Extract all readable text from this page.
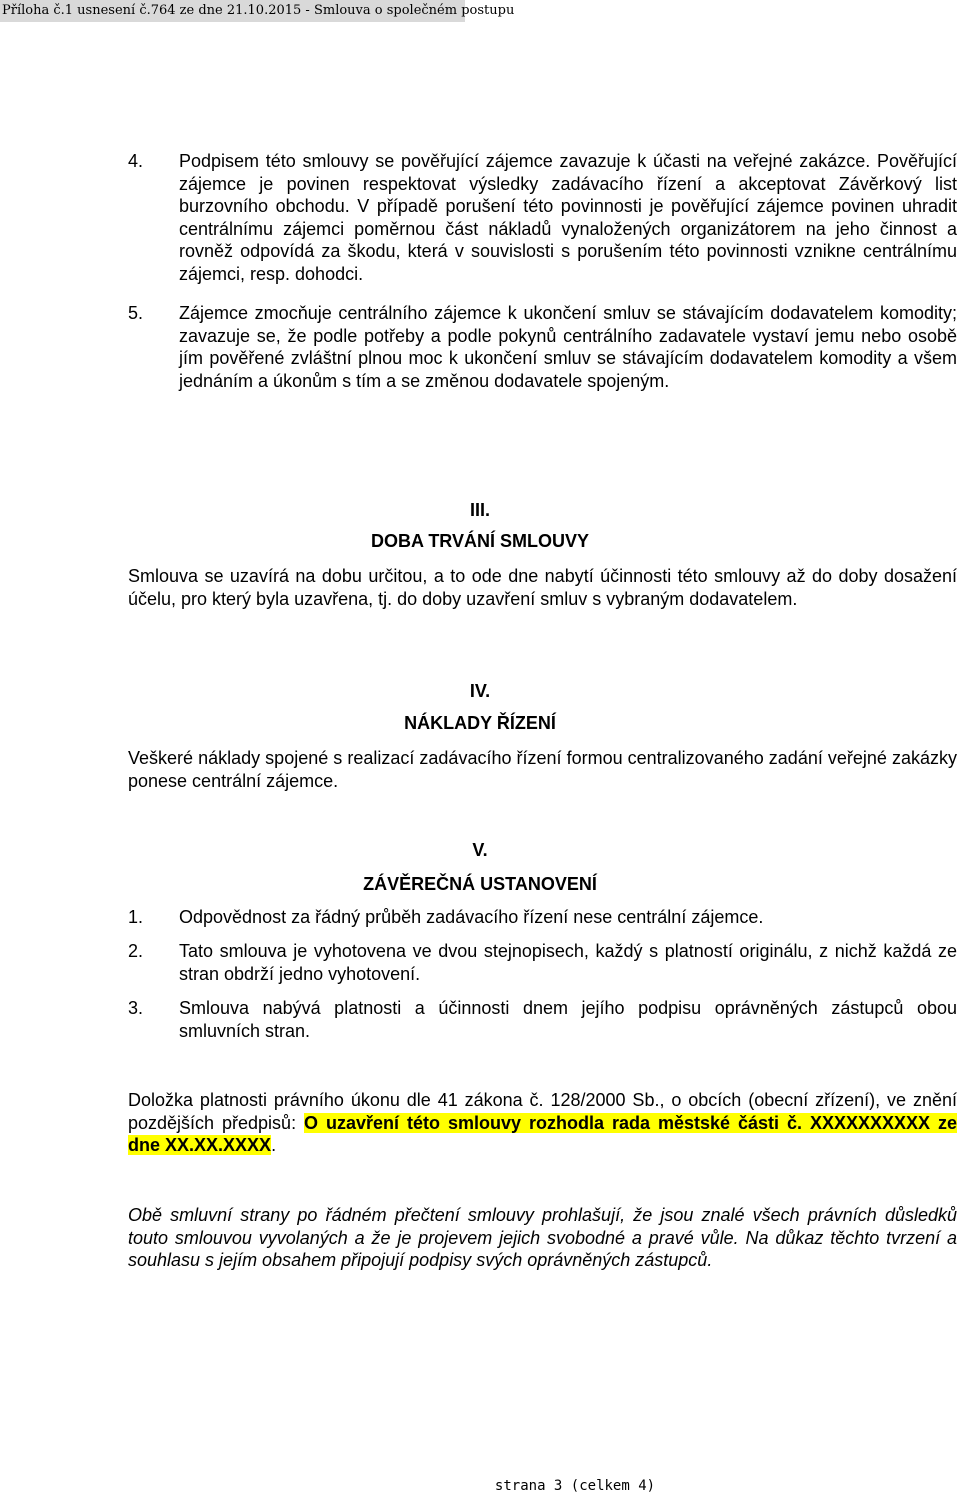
Příloha č.1 usnesení č.764 ze dne 21.10.2015 - Smlouva o společném postupu
4. Podpisem této smlouvy se pověřující zájemce zavazuje k účasti na veřejné zakázce. Pověřující zájemce je povinen respektovat výsledky zadávacího řízení a akceptovat Závěrkový list burzovního obchodu. V případě porušení této povinnosti je pověřující zájemce povinen uhradit centrálnímu zájemci poměrnou část nákladů vynaložených organizátorem na jeho činnost a rovněž odpovídá za škodu, která v souvislosti s porušením této povinnosti vznikne centrálnímu zájemci, resp. dohodci.
5. Zájemce zmocňuje centrálního zájemce k ukončení smluv se stávajícím dodavatelem komodity; zavazuje se, že podle potřeby a podle pokynů centrálního zadavatele vystaví jemu nebo osobě jím pověřené zvláštní plnou moc k ukončení smluv se stávajícím dodavatelem komodity a všem jednáním a úkonům s tím a se změnou dodavatele spojeným.
III.
DOBA TRVÁNÍ SMLOUVY
Smlouva se uzavírá na dobu určitou, a to ode dne nabytí účinnosti této smlouvy až do doby dosažení účelu, pro který byla uzavřena, tj. do doby uzavření smluv s vybraným dodavatelem.
IV.
NÁKLADY ŘÍZENÍ
Veškeré náklady spojené s realizací zadávacího řízení formou centralizovaného zadání veřejné zakázky ponese centrální zájemce.
V.
ZÁVĚREČNÁ USTANOVENÍ
1. Odpovědnost za řádný průběh zadávacího řízení nese centrální zájemce.
2. Tato smlouva je vyhotovena ve dvou stejnopisech, každý s platností originálu, z nichž každá ze stran obdrží jedno vyhotovení.
3. Smlouva nabývá platnosti a účinnosti dnem jejího podpisu oprávněných zástupců obou smluvních stran.
Doložka platnosti právního úkonu dle 41 zákona č. 128/2000 Sb., o obcích (obecní zřízení), ve znění pozdějších předpisů: O uzavření této smlouvy rozhodla rada městské části č. XXXXXXXXXX ze dne XX.XX.XXXX.
Obě smluvní strany po řádném přečtení smlouvy prohlašují, že jsou znalé všech právních důsledků touto smlouvou vyvolaných a že je projevem jejich svobodné a pravé vůle. Na důkaz těchto tvrzení a souhlasu s jejím obsahem připojují podpisy svých oprávněných zástupců.
strana 3 (celkem 4)
